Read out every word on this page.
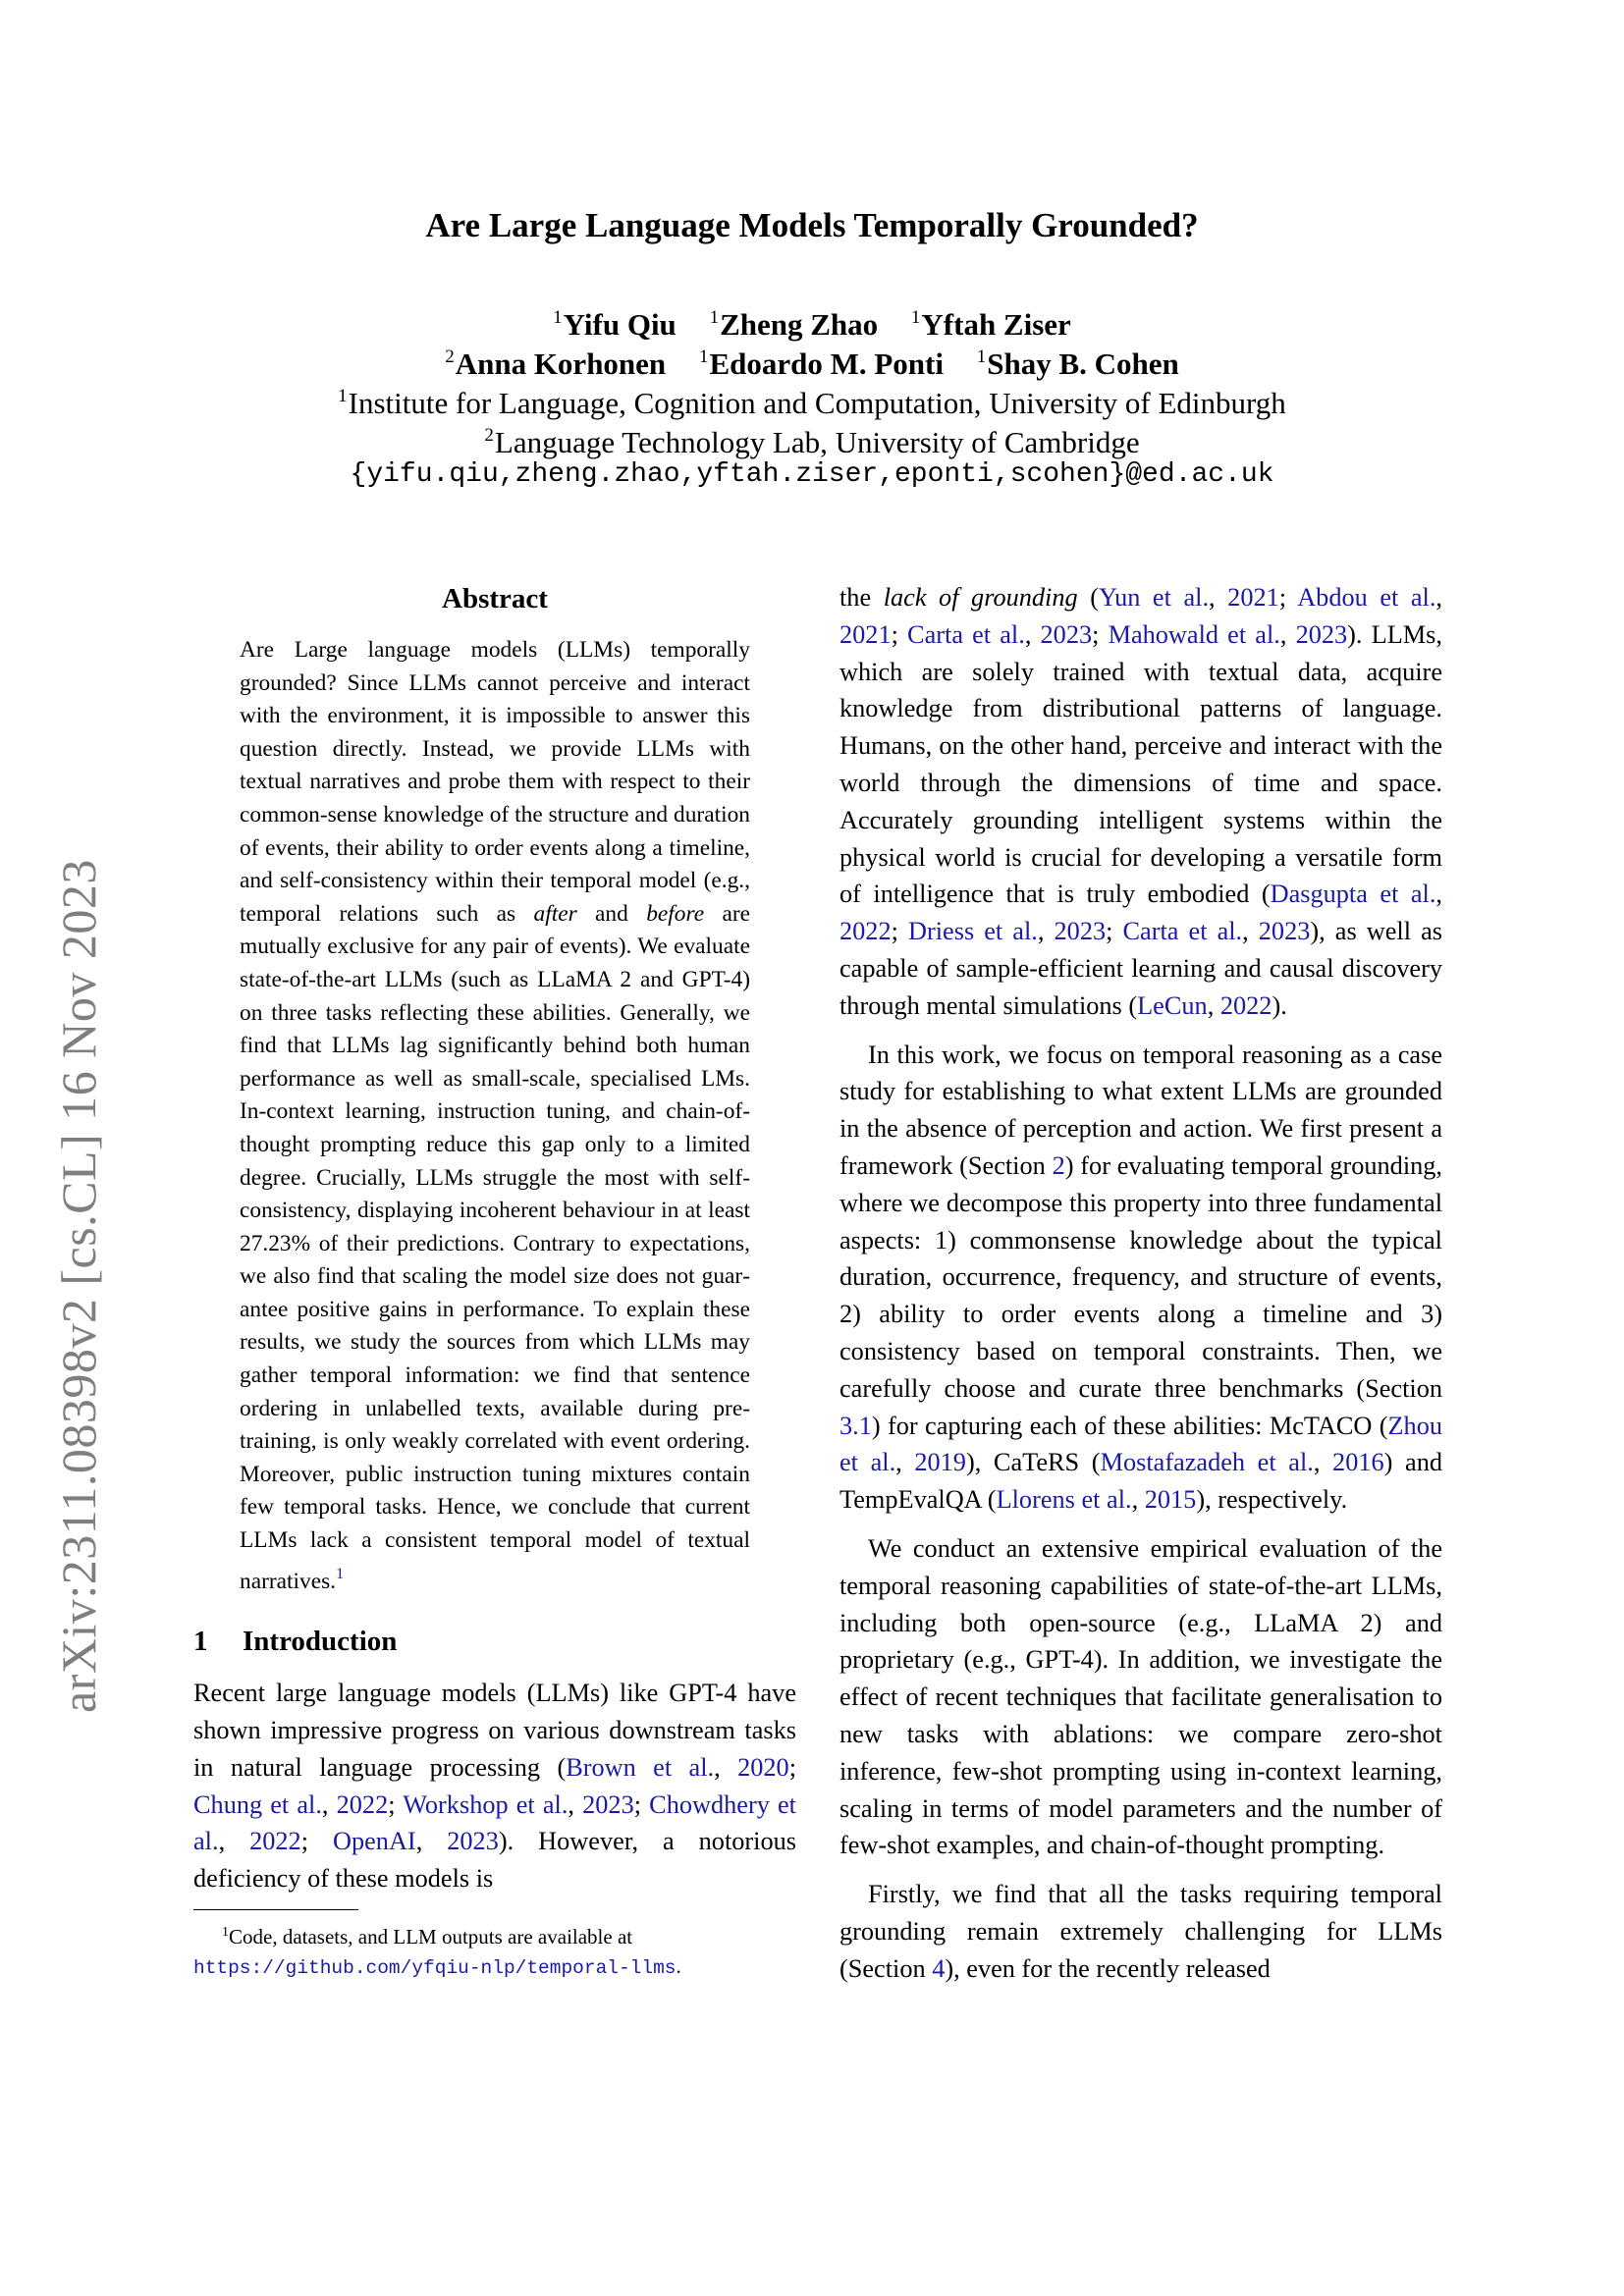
arXiv:2311.08398v2 [cs.CL] 16 Nov 2023
Are Large Language Models Temporally Grounded?
$^1$Yifu Qiu $^1$Zheng Zhao $^1$Yftah Ziser
$^2$Anna Korhonen $^1$Edoardo M. Ponti $^1$Shay B. Cohen
$^1$Institute for Language, Cognition and Computation, University of Edinburgh
$^2$Language Technology Lab, University of Cambridge
{yifu.qiu,zheng.zhao,yftah.ziser,eponti,scohen}@ed.ac.uk
Abstract
Are Large language models (LLMs) temporally grounded? Since LLMs cannot perceive and interact with the environment, it is impossible to answer this question directly. Instead, we provide LLMs with textual narratives and probe them with respect to their common-sense knowledge of the structure and duration of events, their ability to order events along a timeline, and self-consistency within their temporal model (e.g., temporal relations such as after and before are mutually exclusive for any pair of events). We evaluate state-of-the-art LLMs (such as LLaMA 2 and GPT-4) on three tasks reflecting these abilities. Generally, we find that LLMs lag significantly behind both human performance as well as small-scale, specialised LMs. In-context learning, instruction tuning, and chain-of-thought prompting reduce this gap only to a limited degree. Crucially, LLMs struggle the most with self-consistency, displaying incoherent behaviour in at least 27.23% of their predictions. Contrary to expectations, we also find that scaling the model size does not guarantee positive gains in performance. To explain these results, we study the sources from which LLMs may gather temporal information: we find that sentence ordering in unlabelled texts, available during pre-training, is only weakly correlated with event ordering. Moreover, public instruction tuning mixtures contain few temporal tasks. Hence, we conclude that current LLMs lack a consistent temporal model of textual narratives.$^1$
1 Introduction

Recent large language models (LLMs) like GPT-4 have shown impressive progress on various downstream tasks in natural language processing (Brown et al., 2020; Chung et al., 2022; Workshop et al., 2023; Chowdhery et al., 2022; OpenAI, 2023). However, a notorious deficiency of these models is

$^1$Code, datasets, and LLM outputs are available at https://github.com/yfqiu-nlp/temporal-llms.

the lack of grounding (Yun et al., 2021; Abdou et al., 2021; Carta et al., 2023; Mahowald et al., 2023). LLMs, which are solely trained with textual data, acquire knowledge from distributional patterns of language. Humans, on the other hand, perceive and interact with the world through the dimensions of time and space. Accurately grounding intelligent systems within the physical world is crucial for developing a versatile form of intelligence that is truly embodied (Dasgupta et al., 2022; Driess et al., 2023; Carta et al., 2023), as well as capable of sample-efficient learning and causal discovery through mental simulations (LeCun, 2022).

In this work, we focus on temporal reasoning as a case study for establishing to what extent LLMs are grounded in the absence of perception and action. We first present a framework (Section 2) for evaluating temporal grounding, where we decompose this property into three fundamental aspects: 1) commonsense knowledge about the typical duration, occurrence, frequency, and structure of events, 2) ability to order events along a timeline and 3) consistency based on temporal constraints. Then, we carefully choose and curate three benchmarks (Section 3.1) for capturing each of these abilities: McTACO (Zhou et al., 2019), CaTeRS (Mostafazadeh et al., 2016) and TempEvalQA (Llorens et al., 2015), respectively.

We conduct an extensive empirical evaluation of the temporal reasoning capabilities of state-of-the-art LLMs, including both open-source (e.g., LLaMA 2) and proprietary (e.g., GPT-4). In addition, we investigate the effect of recent techniques that facilitate generalisation to new tasks with ablations: we compare zero-shot inference, few-shot prompting using in-context learning, scaling in terms of model parameters and the number of few-shot examples, and chain-of-thought prompting.

Firstly, we find that all the tasks requiring temporal grounding remain extremely challenging for LLMs (Section 4), even for the recently released
